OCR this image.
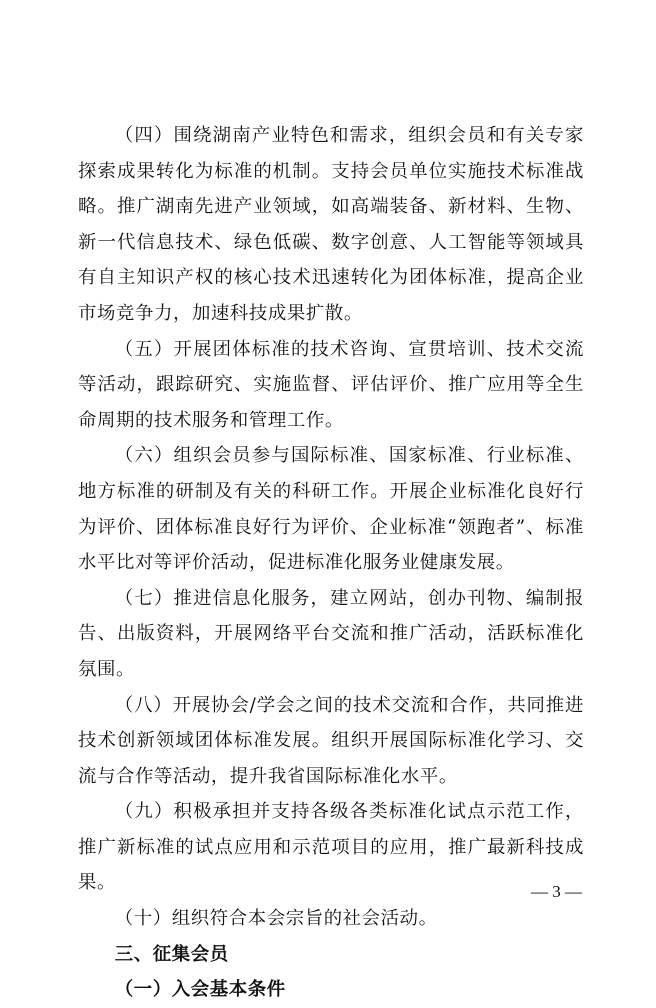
（四）围绕湖南产业特色和需求，组织会员和有关专家探索成果转化为标准的机制。支持会员单位实施技术标准战略。推广湖南先进产业领域，如高端装备、新材料、生物、新一代信息技术、绿色低碳、数字创意、人工智能等领域具有自主知识产权的核心技术迅速转化为团体标准，提高企业市场竞争力，加速科技成果扩散。

（五）开展团体标准的技术咨询、宣贯培训、技术交流等活动，跟踪研究、实施监督、评估评价、推广应用等全生命周期的技术服务和管理工作。

（六）组织会员参与国际标准、国家标准、行业标准、地方标准的研制及有关的科研工作。开展企业标准化良好行为评价、团体标准良好行为评价、企业标准“领跑者”、标准水平比对等评价活动，促进标准化服务业健康发展。

（七）推进信息化服务，建立网站，创办刊物、编制报告、出版资料，开展网络平台交流和推广活动，活跃标准化氛围。

（八）开展协会/学会之间的技术交流和合作，共同推进技术创新领域团体标准发展。组织开展国际标准化学习、交流与合作等活动，提升我省国际标准化水平。

（九）积极承担并支持各级各类标准化试点示范工作，推广新标准的试点应用和示范项目的应用，推广最新科技成果。

（十）组织符合本会宗旨的社会活动。

三、征集会员

（一）入会基本条件

— 3 —
